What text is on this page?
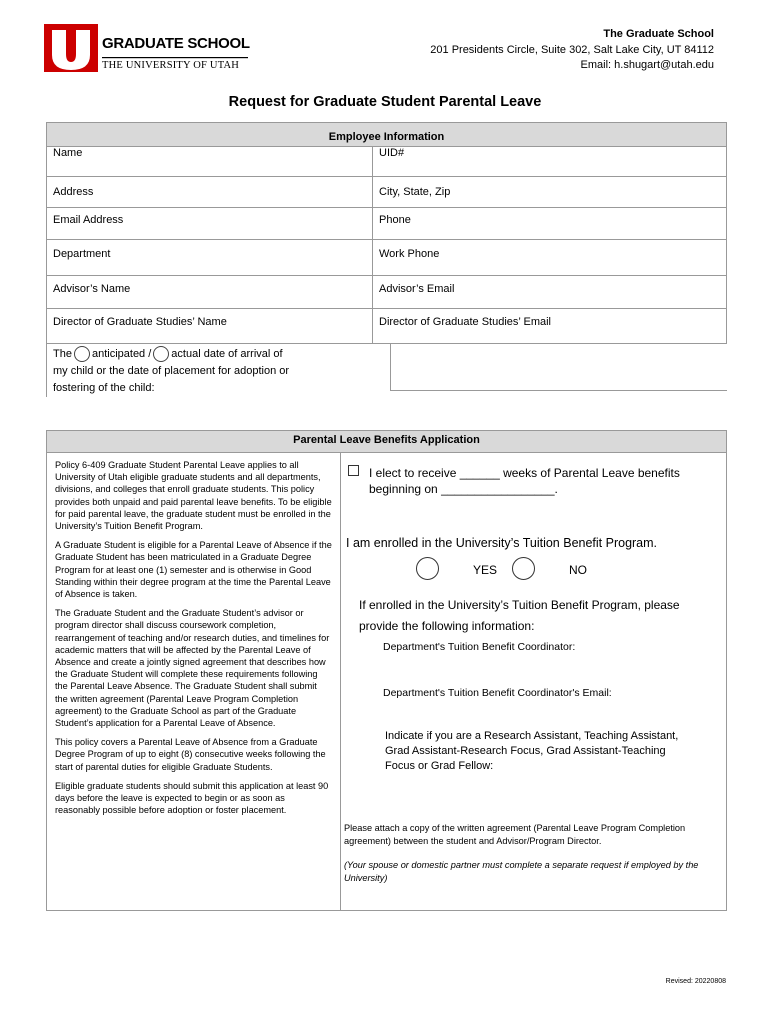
U	GRADUATE SCHOOL
THE UNIVERSITY OF UTAH
The Graduate School
201 Presidents Circle, Suite 302, Salt Lake City, UT 84112
Email: h.shugart@utah.edu
Request for Graduate Student Parental Leave
Employee Information	
Name	UID#
Address	City, State, Zip
Email Address	Phone
Department	Work Phone
Advisor’s Name	Advisor’s Email
Director of Graduate Studies’ Name	Director of Graduate Studies’ Email
The anticipated / actual date of arrival of
my child or the date of placement for adoption or
fostering of the child:	
Parental Leave Benefits Application

Policy 6-409 Graduate Student Parental Leave applies to all University of Utah eligible graduate students and all departments, divisions, and colleges that enroll graduate students. This policy provides both unpaid and paid parental leave benefits. To be eligible for paid parental leave, the graduate student must be enrolled in the University’s Tuition Benefit Program.

A Graduate Student is eligible for a Parental Leave of Absence if the Graduate Student has been matriculated in a Graduate Degree Program for at least one (1) semester and is otherwise in Good Standing within their degree program at the time the Parental Leave of Absence is taken.

The Graduate Student and the Graduate Student’s advisor or program director shall discuss coursework completion, rearrangement of teaching and/or research duties, and timelines for academic matters that will be affected by the Parental Leave of Absence and create a jointly signed agreement that describes how the Graduate Student will complete these requirements following the Parental Leave Absence. The Graduate Student shall submit the written agreement (Parental Leave Program Completion agreement) to the Graduate School as part of the Graduate Student’s application for a Parental Leave of Absence.

This policy covers a Parental Leave of Absence from a Graduate Degree Program of up to eight (8) consecutive weeks following the start of parental duties for eligible Graduate Students.

Eligible graduate students should submit this application at least 90 days before the leave is expected to begin or as soon as reasonably possible before adoption or foster placement.

I elect to receive ______ weeks of Parental Leave benefits
beginning on _________________.
I am enrolled in the University’s Tuition Benefit Program.
YES	NO
If enrolled in the University’s Tuition Benefit Program, please
provide the following information:
Department's Tuition Benefit Coordinator:
Department's Tuition Benefit Coordinator's Email:
Indicate if you are a Research Assistant, Teaching Assistant,
Grad Assistant-Research Focus, Grad Assistant-Teaching
Focus or Grad Fellow:
Please attach a copy of the written agreement (Parental Leave Program Completion agreement) between the student and Advisor/Program Director.
(Your spouse or domestic partner must complete a separate request if employed by the University)
Revised: 20220808
